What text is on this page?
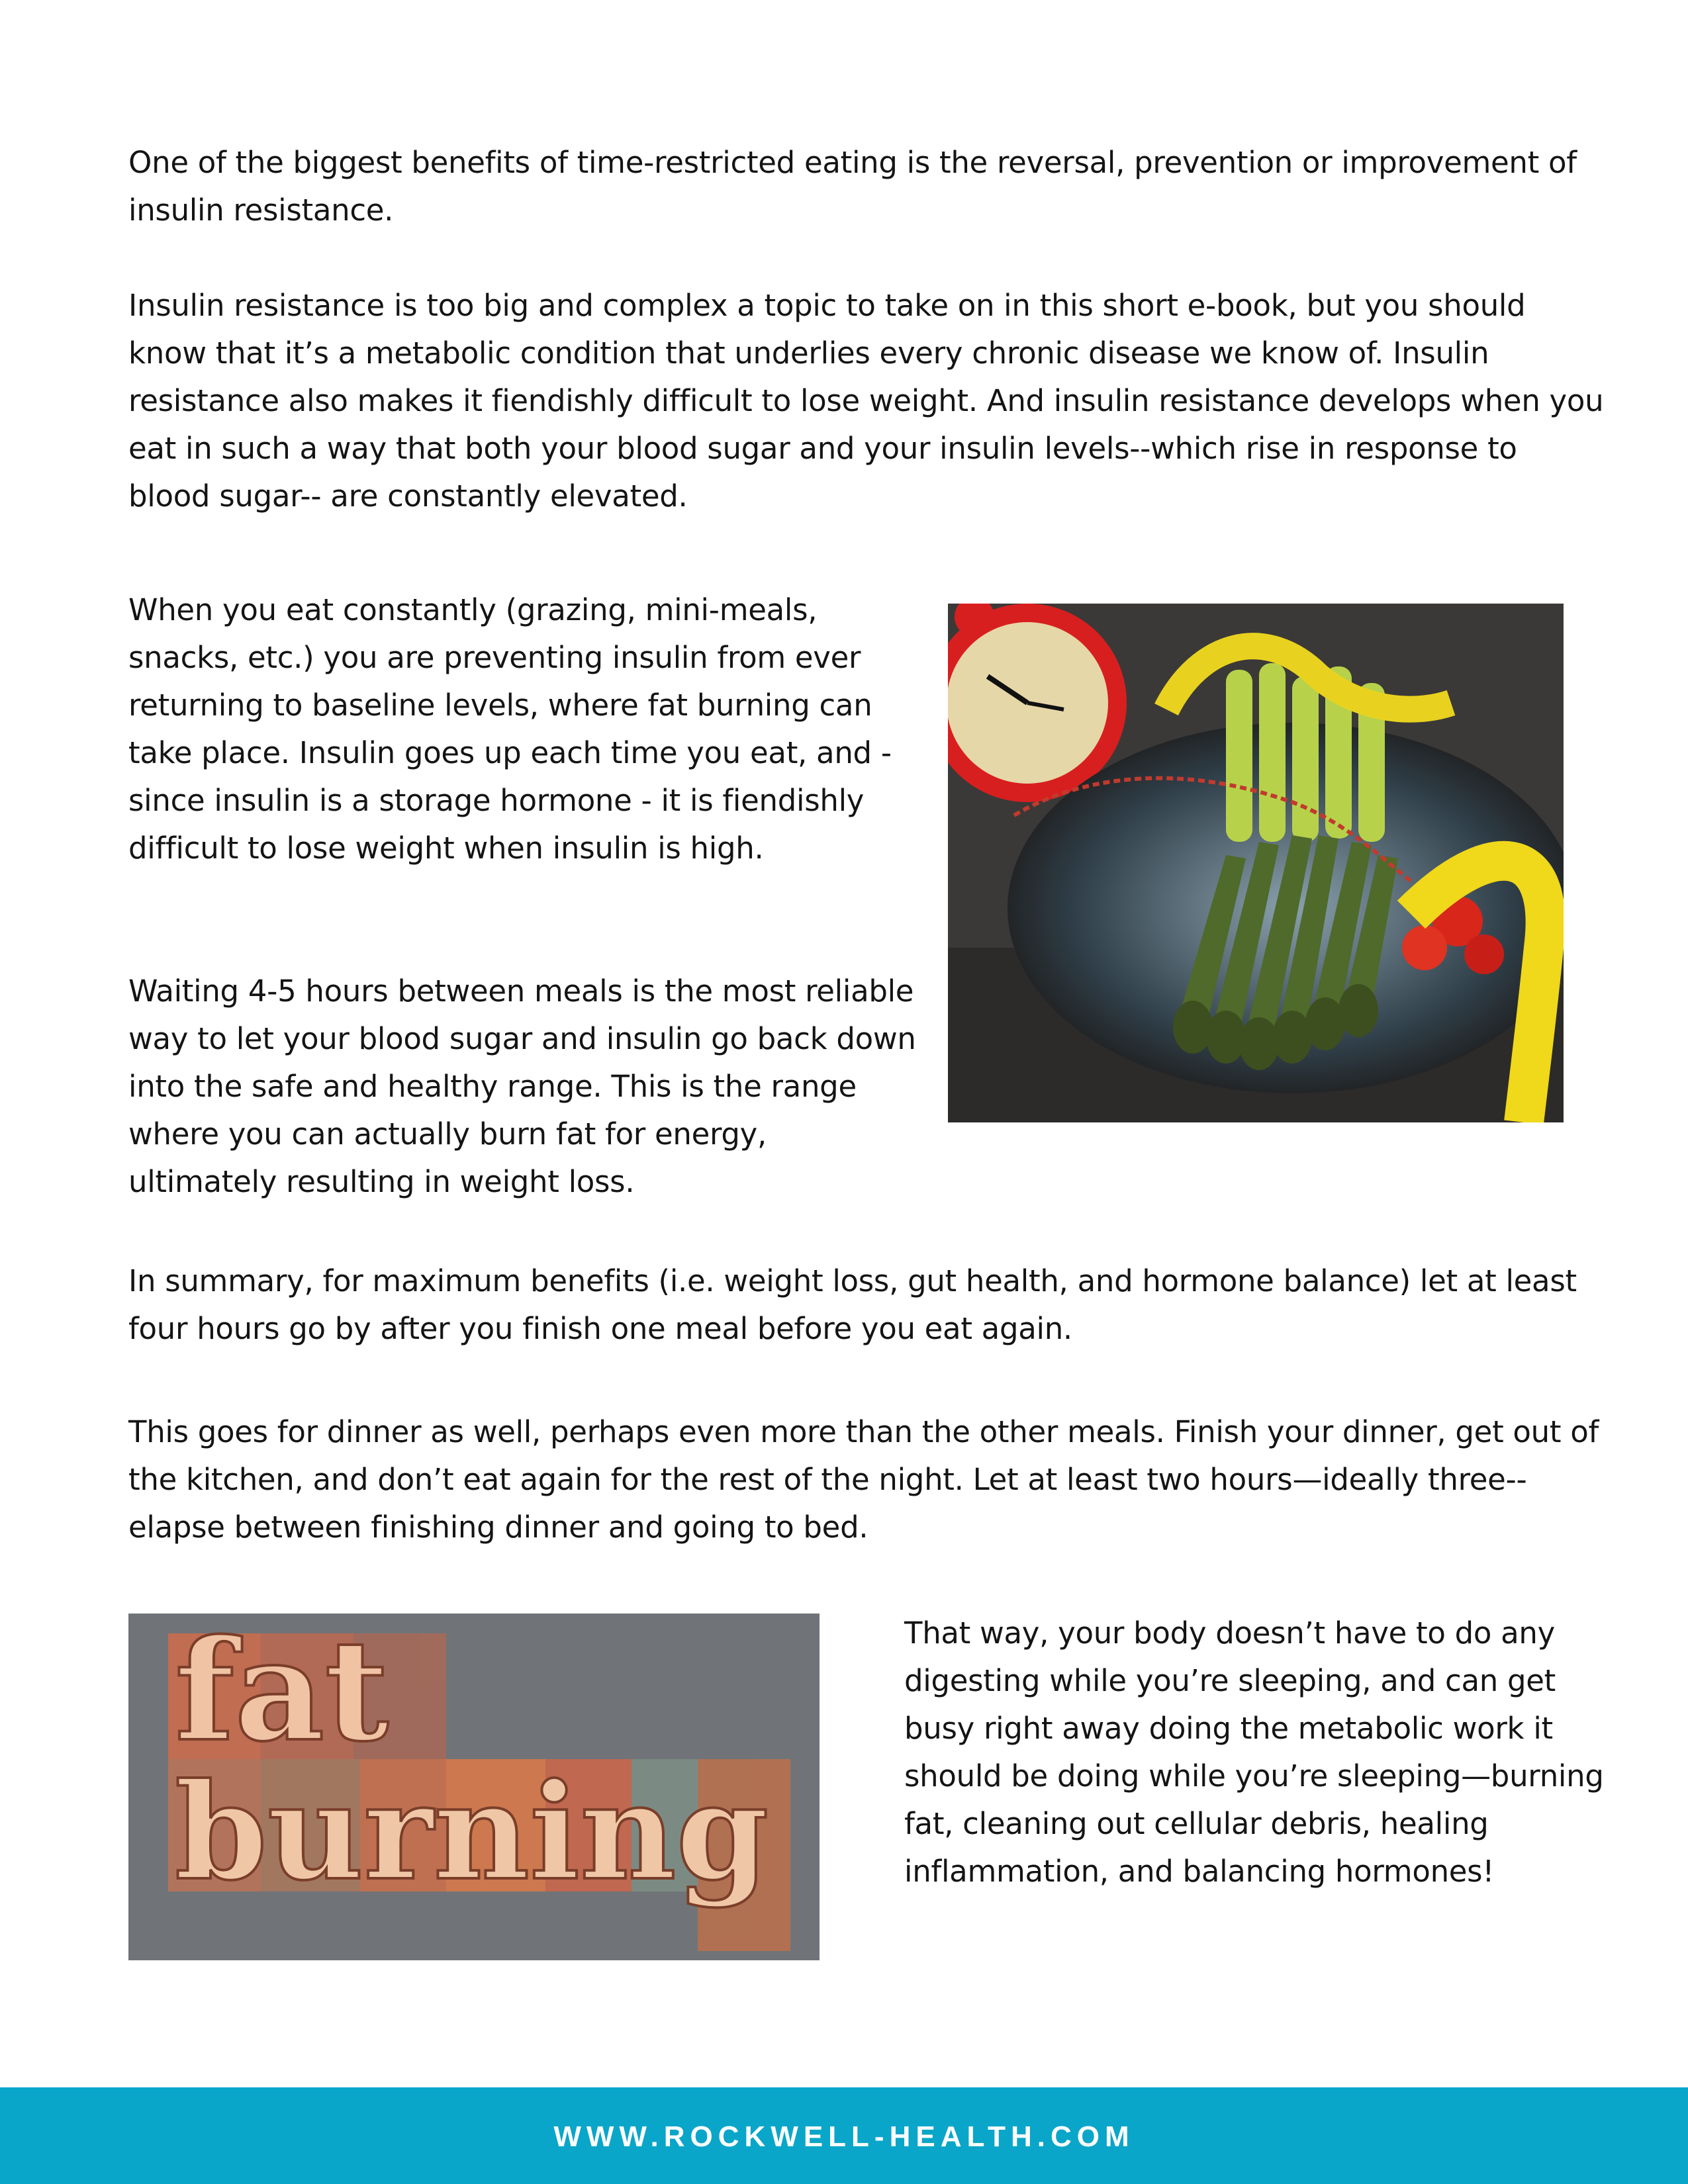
One of the biggest benefits of time-restricted eating is the reversal, prevention or improvement of insulin resistance.

Insulin resistance is too big and complex a topic to take on in this short e-book, but you should know that it’s a metabolic condition that underlies every chronic disease we know of. Insulin resistance also makes it fiendishly difficult to lose weight. And insulin resistance develops when you eat in such a way that both your blood sugar and your insulin levels--which rise in response to blood sugar-- are constantly elevated.

When you eat constantly (grazing, mini-meals, snacks, etc.) you are preventing insulin from ever returning to baseline levels, where fat burning can take place. Insulin goes up each time you eat, and - since insulin is a storage hormone - it is fiendishly difficult to lose weight when insulin is high.

Waiting 4-5 hours between meals is the most reliable way to let your blood sugar and insulin go back down into the safe and healthy range. This is the range where you can actually burn fat for energy, ultimately resulting in weight loss.

In summary, for maximum benefits (i.e. weight loss, gut health, and hormone balance) let at least four hours go by after you finish one meal before you eat again.

This goes for dinner as well, perhaps even more than the other meals. Finish your dinner, get out of the kitchen, and don’t eat again for the rest of the night. Let at least two hours—ideally three-- elapse between finishing dinner and going to bed.

fat
burning

That way, your body doesn’t have to do any digesting while you’re sleeping, and can get busy right away doing the metabolic work it should be doing while you’re sleeping—burning fat, cleaning out cellular debris, healing inflammation, and balancing hormones!

WWW.ROCKWELL-HEALTH.COM
